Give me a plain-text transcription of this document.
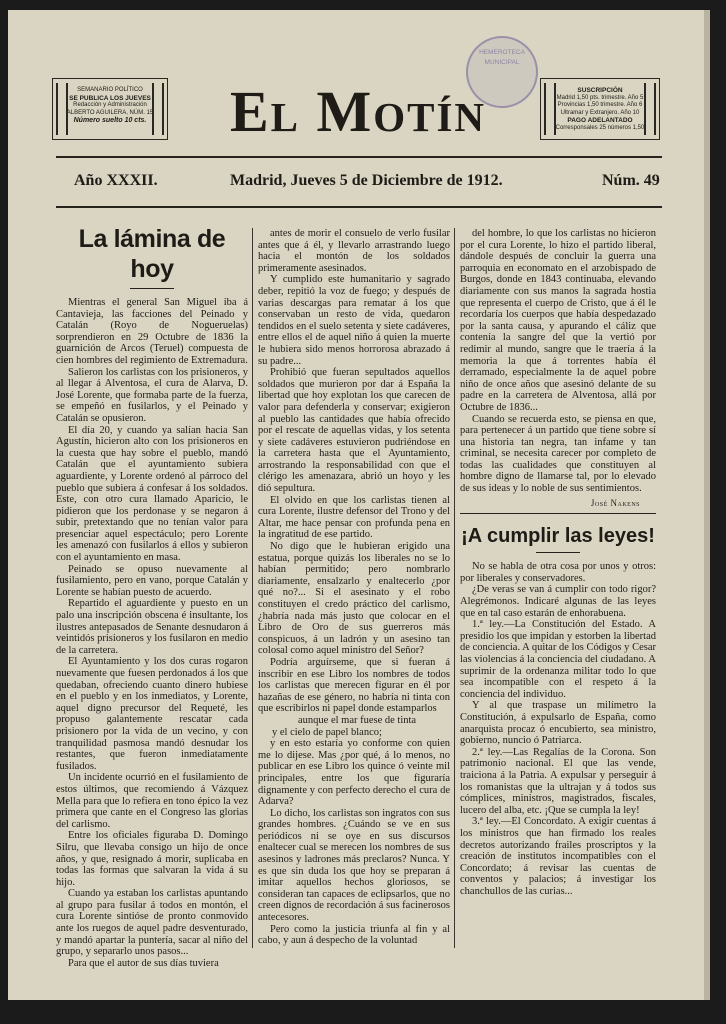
SEMANARIO POLÍTICO
SE PUBLICA LOS JUEVES
Redacción y Administración
ALBERTO AGUILERA, NÚM. 15
Número suelto 10 cts.
HEMEROTECA MUNICIPAL
El Motín	SUSCRIPCIÓN
Madrid 1,50 pts. trimestre. Año 5
Provincias 1,50 trimestre. Año 6
Ultramar y Extranjero. Año 10
PAGO ADELANTADO
Corresponsales 25 números 1,50
Año XXXII.	Madrid, Jueves 5 de Diciembre de 1912.	Núm. 49
La lámina de hoy

Mientras el general San Miguel iba á Cantavieja, las facciones del Peinado y Catalán (Royo de Nogueruelas) sorprendieron en 29 Octubre de 1836 la guarnición de Arcos (Teruel) compuesta de cien hombres del regimiento de Extremadura.

Salieron los carlistas con los prisioneros, y al llegar á Alventosa, el cura de Alarva, D. José Lorente, que formaba parte de la fuerza, se empeñó en fusilarlos, y el Peinado y Catalán se opusieron.

El día 20, y cuando ya salían hacia San Agustín, hicieron alto con los prisioneros en la cuesta que hay sobre el pueblo, mandó Catalán que el ayuntamiento subiera aguardiente, y Lorente ordenó al párroco del pueblo que subiera á confesar á los soldados. Este, con otro cura llamado Aparicio, le pidieron que los perdonase y se negaron á subir, pretextando que no tenían valor para presenciar aquel espectáculo; pero Lorente les amenazó con fusilarlos á ellos y subieron con el ayuntamiento en masa.

Peinado se opuso nuevamente al fusilamiento, pero en vano, porque Catalán y Lorente se habían puesto de acuerdo.

Repartido el aguardiente y puesto en un palo una inscripción obscena é insultante, los ilustres antepasados de Senante desnudaron á veintidós prisioneros y los fusilaron en medio de la carretera.

El Ayuntamiento y los dos curas rogaron nuevamente que fuesen perdonados á los que quedaban, ofreciendo cuanto dinero hubiese en el pueblo y en los inmediatos, y Lorente, aquel digno precursor del Requeté, les propuso galantemente rescatar cada prisionero por la vida de un vecino, y con tranquilidad pasmosa mandó desnudar los restantes, que fueron inmediatamente fusilados.

Un incidente ocurrió en el fusilamiento de estos últimos, que recomiendo á Vázquez Mella para que lo refiera en tono épico la vez primera que cante en el Congreso las glorias del carlismo.

Entre los oficiales figuraba D. Domingo Silru, que llevaba consigo un hijo de once años, y que, resignado á morir, suplicaba en todas las formas que salvaran la vida á su hijo.

Cuando ya estaban los carlistas apuntando al grupo para fusilar á todos en montón, el cura Lorente sintióse de pronto conmovido ante los ruegos de aquel padre desventurado, y mandó apartar la puntería, sacar al niño del grupo, y separarlo unos pasos...

Para que el autor de sus días tuviera

antes de morir el consuelo de verlo fusilar antes que á él, y llevarlo arrastrando luego hacia el montón de los soldados primeramente asesinados.

Y cumplido este humanitario y sagrado deber, repitió la voz de fuego; y después de varias descargas para rematar á los que conservaban un resto de vida, quedaron tendidos en el suelo setenta y siete cadáveres, entre ellos el de aquel niño á quien la muerte le hubiera sido menos horrorosa abrazado á su padre...

Prohibió que fueran sepultados aquellos soldados que murieron por dar á España la libertad que hoy explotan los que carecen de valor para defenderla y conservar; exigieron al pueblo las cantidades que había ofrecido por el rescate de aquellas vidas, y los setenta y siete cadáveres estuvieron pudriéndose en la carretera hasta que el Ayuntamiento, arrostrando la responsabilidad con que el clérigo les amenazara, abrió un hoyo y les dió sepultura.

El olvido en que los carlistas tienen al cura Lorente, ilustre defensor del Trono y del Altar, me hace pensar con profunda pena en la ingratitud de ese partido.

No digo que le hubieran erigido una estatua, porque quizás los liberales no se lo habían permitido; pero nombrarlo diariamente, ensalzarlo y enaltecerlo ¿por qué no?... Si el asesinato y el robo constituyen el credo práctico del carlismo, ¿habría nada más justo que colocar en el Libro de Oro de sus guerreros más conspicuos, á un ladrón y un asesino tan colosal como aquel ministro del Señor?

Podría arguírseme, que si fueran á inscribir en ese Libro los nombres de todos los carlistas que merecen figurar en él por hazañas de ese género, no habría ni tinta con que escribirlos ni papel donde estamparlos

aunque el mar fuese de tinta

y el cielo de papel blanco;

y en esto estaría yo conforme con quien me lo dijese. Mas ¿por qué, á lo menos, no publicar en ese Libro los quince ó veinte mil principales, entre los que figuraría dignamente y con perfecto derecho el cura de Adarva?

Lo dicho, los carlistas son ingratos con sus grandes hombres. ¿Cuándo se ve en sus periódicos ni se oye en sus discursos enaltecer cual se merecen los nombres de sus asesinos y ladrones más preclaros? Nunca. Y es que sin duda los que hoy se preparan á imitar aquellos hechos gloriosos, se consideran tan capaces de eclipsarlos, que no creen dignos de recordación á sus facinerosos antecesores.

Pero como la justicia triunfa al fin y al cabo, y aun á despecho de la voluntad

del hombre, lo que los carlistas no hicieron por el cura Lorente, lo hizo el partido liberal, dándole después de concluir la guerra una parroquia en economato en el arzobispado de Burgos, donde en 1843 continuaba, elevando diariamente con sus manos la sagrada hostia que representa el cuerpo de Cristo, que á él le recordaría los cuerpos que había despedazado por la santa causa, y apurando el cáliz que contenía la sangre del que la vertió por redimir al mundo, sangre que le traería á la memoria la que á torrentes había él derramado, especialmente la de aquel pobre niño de once años que asesinó delante de su padre en la carretera de Alventosa, allá por Octubre de 1836...

Cuando se recuerda esto, se piensa en que, para pertenecer á un partido que tiene sobre sí una historia tan negra, tan infame y tan criminal, se necesita carecer por completo de todas las cualidades que constituyen al hombre digno de llamarse tal, por lo elevado de sus ideas y lo noble de sus sentimientos.

José Nakens
¡A cumplir las leyes!

No se habla de otra cosa por unos y otros: por liberales y conservadores.

¿De veras se van á cumplir con todo rigor? Alegrémonos. Indicaré algunas de las leyes que en tal caso estarán de enhorabuena.

1.ª ley.—La Constitución del Estado. A presidio los que impidan y estorben la libertad de conciencia. A quitar de los Códigos y Cesar las violencias á la conciencia del ciudadano. A suprimir de la ordenanza militar todo lo que sea incompatible con el respeto á la conciencia del individuo.

Y al que traspase un milímetro la Constitución, á expulsarlo de España, como anarquista procaz ó encubierto, sea ministro, gobierno, nuncio ó Patriarca.

2.ª ley.—Las Regalías de la Corona. Son patrimonio nacional. El que las vende, traiciona á la Patria. A expulsar y perseguir á los romanistas que la ultrajan y á todos sus cómplices, ministros, magistrados, fiscales, lucero del alba, etc. ¡Que se cumpla la ley!

3.ª ley.—El Concordato. A exigir cuentas á los ministros que han firmado los reales decretos autorizando frailes proscriptos y la creación de institutos incompatibles con el Concordato; á revisar las cuentas de conventos y palacios; á investigar los chanchullos de las curias...
